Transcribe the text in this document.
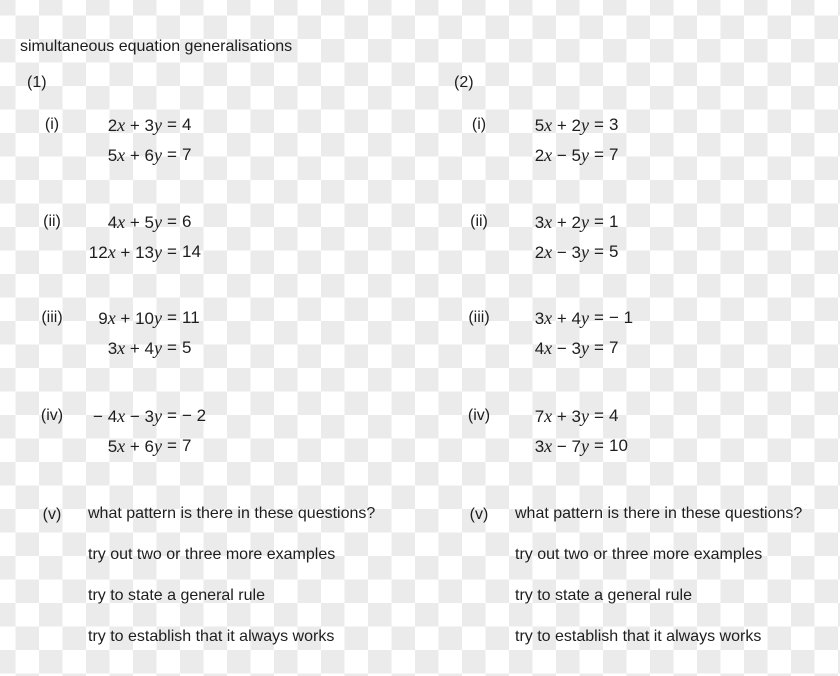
simultaneous equation generalisations
(1)
(i)	2x + 3y = 4
5x + 6y = 7
(ii)	4x + 5y = 6
12x + 13y = 14
(iii)	9x + 10y = 11
3x + 4y = 5
(iv)	− 4x − 3y = − 2
5x + 6y = 7
(v)	what pattern is there in these questions?
try out two or three more examples
try to state a general rule
try to establish that it always works
(2)
(i)	5x + 2y = 3
2x − 5y = 7
(ii)	3x + 2y = 1
2x − 3y = 5
(iii)	3x + 4y = − 1
4x − 3y = 7
(iv)	7x + 3y = 4
3x − 7y = 10
(v)	what pattern is there in these questions?
try out two or three more examples
try to state a general rule
try to establish that it always works
